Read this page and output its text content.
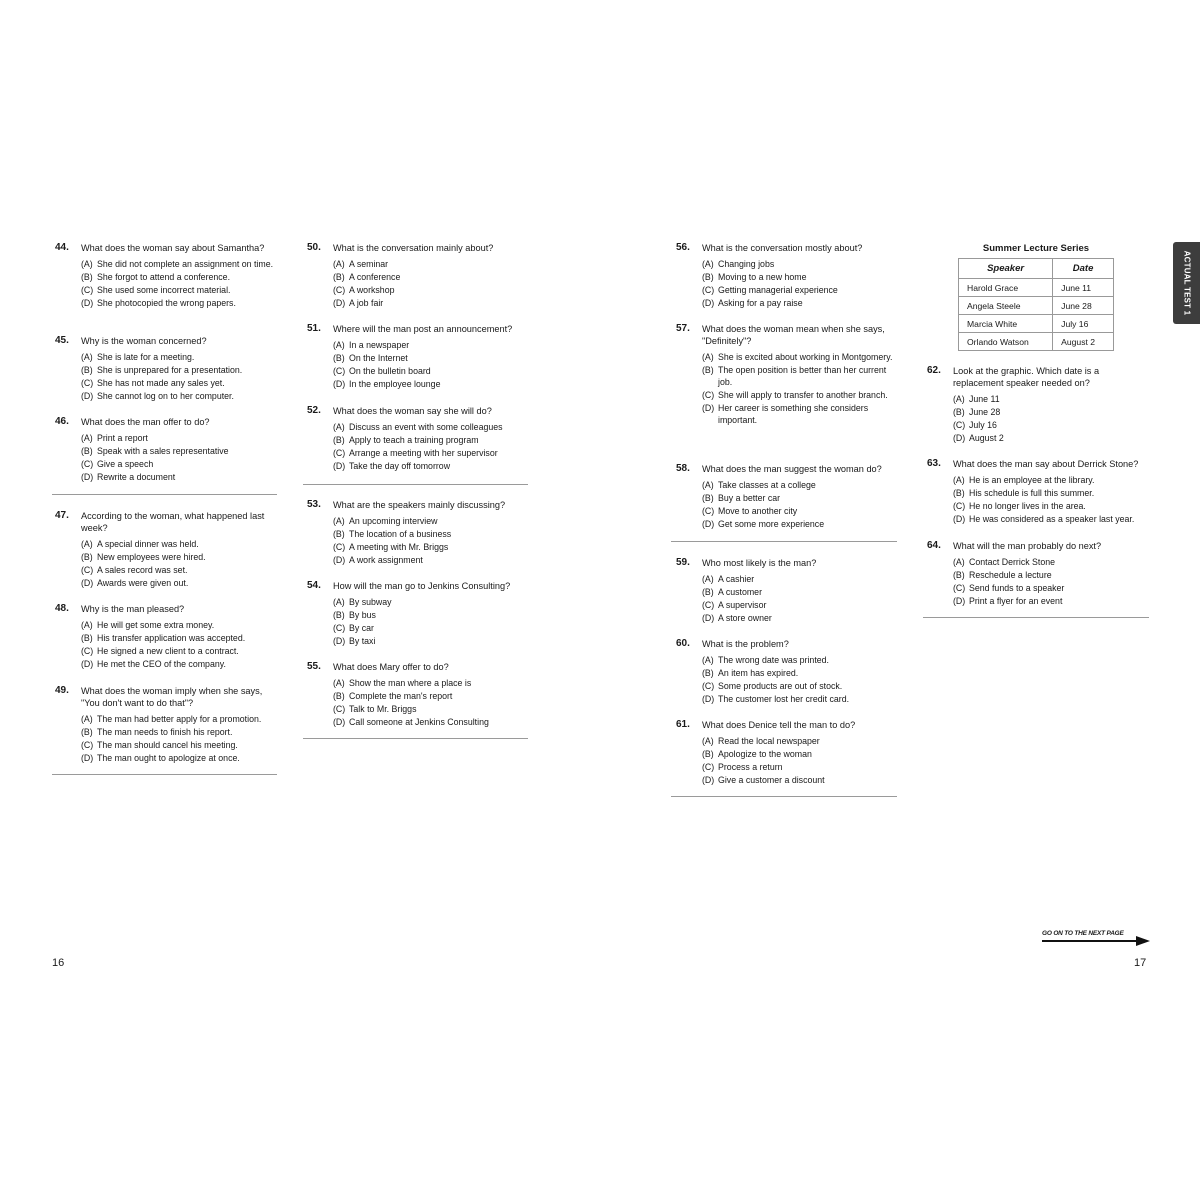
44.	What does the woman say about Samantha?
(A) She did not complete an assignment on time.
(B) She forgot to attend a conference.
(C) She used some incorrect material.
(D) She photocopied the wrong papers.
45.	Why is the woman concerned?
(A) She is late for a meeting.
(B) She is unprepared for a presentation.
(C) She has not made any sales yet.
(D) She cannot log on to her computer.
46.	What does the man offer to do?
(A) Print a report
(B) Speak with a sales representative
(C) Give a speech
(D) Rewrite a document
47.	According to the woman, what happened last week?
(A) A special dinner was held.
(B) New employees were hired.
(C) A sales record was set.
(D) Awards were given out.
48.	Why is the man pleased?
(A) He will get some extra money.
(B) His transfer application was accepted.
(C) He signed a new client to a contract.
(D) He met the CEO of the company.
49.	What does the woman imply when she says, "You don't want to do that"?
(A) The man had better apply for a promotion.
(B) The man needs to finish his report.
(C) The man should cancel his meeting.
(D) The man ought to apologize at once.
50.	What is the conversation mainly about?
(A) A seminar
(B) A conference
(C) A workshop
(D) A job fair
51.	Where will the man post an announcement?
(A) In a newspaper
(B) On the Internet
(C) On the bulletin board
(D) In the employee lounge
52.	What does the woman say she will do?
(A) Discuss an event with some colleagues
(B) Apply to teach a training program
(C) Arrange a meeting with her supervisor
(D) Take the day off tomorrow
53.	What are the speakers mainly discussing?
(A) An upcoming interview
(B) The location of a business
(C) A meeting with Mr. Briggs
(D) A work assignment
54.	How will the man go to Jenkins Consulting?
(A) By subway
(B) By bus
(C) By car
(D) By taxi
55.	What does Mary offer to do?
(A) Show the man where a place is
(B) Complete the man's report
(C) Talk to Mr. Briggs
(D) Call someone at Jenkins Consulting
56.	What is the conversation mostly about?
(A) Changing jobs
(B) Moving to a new home
(C) Getting managerial experience
(D) Asking for a pay raise
57.	What does the woman mean when she says, "Definitely"?
(A) She is excited about working in Montgomery.
(B) The open position is better than her current job.
(C) She will apply to transfer to another branch.
(D) Her career is something she considers important.
58.	What does the man suggest the woman do?
(A) Take classes at a college
(B) Buy a better car
(C) Move to another city
(D) Get some more experience
59.	Who most likely is the man?
(A) A cashier
(B) A customer
(C) A supervisor
(D) A store owner
60.	What is the problem?
(A) The wrong date was printed.
(B) An item has expired.
(C) Some products are out of stock.
(D) The customer lost her credit card.
61.	What does Denice tell the man to do?
(A) Read the local newspaper
(B) Apologize to the woman
(C) Process a return
(D) Give a customer a discount
Summer Lecture Series
Speaker	Date
Harold Grace	June 11
Angela Steele	June 28
Marcia White	July 16
Orlando Watson	August 2
62.	Look at the graphic. Which date is a replacement speaker needed on?
(A) June 11
(B) June 28
(C) July 16
(D) August 2
63.	What does the man say about Derrick Stone?
(A) He is an employee at the library.
(B) His schedule is full this summer.
(C) He no longer lives in the area.
(D) He was considered as a speaker last year.
64.	What will the man probably do next?
(A) Contact Derrick Stone
(B) Reschedule a lecture
(C) Send funds to a speaker
(D) Print a flyer for an event
ACTUAL TEST 1
GO ON TO THE NEXT PAGE
16	17
